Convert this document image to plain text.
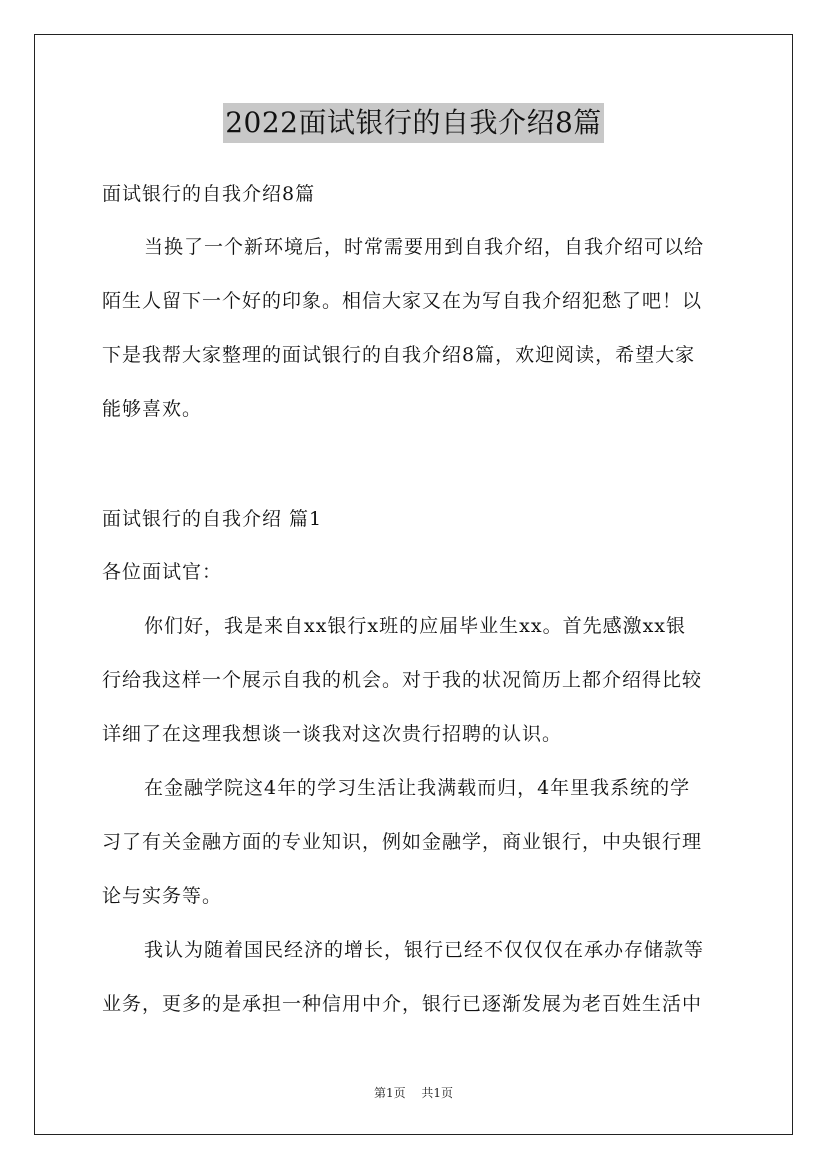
2022面试银行的自我介绍8篇
面试银行的自我介绍8篇
当换了一个新环境后，时常需要用到自我介绍，自我介绍可以给
陌生人留下一个好的印象。相信大家又在为写自我介绍犯愁了吧！以
下是我帮大家整理的面试银行的自我介绍8篇，欢迎阅读，希望大家
能够喜欢。
面试银行的自我介绍 篇1
各位面试官：
你们好，我是来自xx银行x班的应届毕业生xx。首先感激xx银
行给我这样一个展示自我的机会。对于我的状况简历上都介绍得比较
详细了在这理我想谈一谈我对这次贵行招聘的认识。
在金融学院这4年的学习生活让我满载而归，4年里我系统的学
习了有关金融方面的专业知识，例如金融学，商业银行，中央银行理
论与实务等。
我认为随着国民经济的增长，银行已经不仅仅仅在承办存储款等
业务，更多的是承担一种信用中介，银行已逐渐发展为老百姓生活中
第1页 共1页
